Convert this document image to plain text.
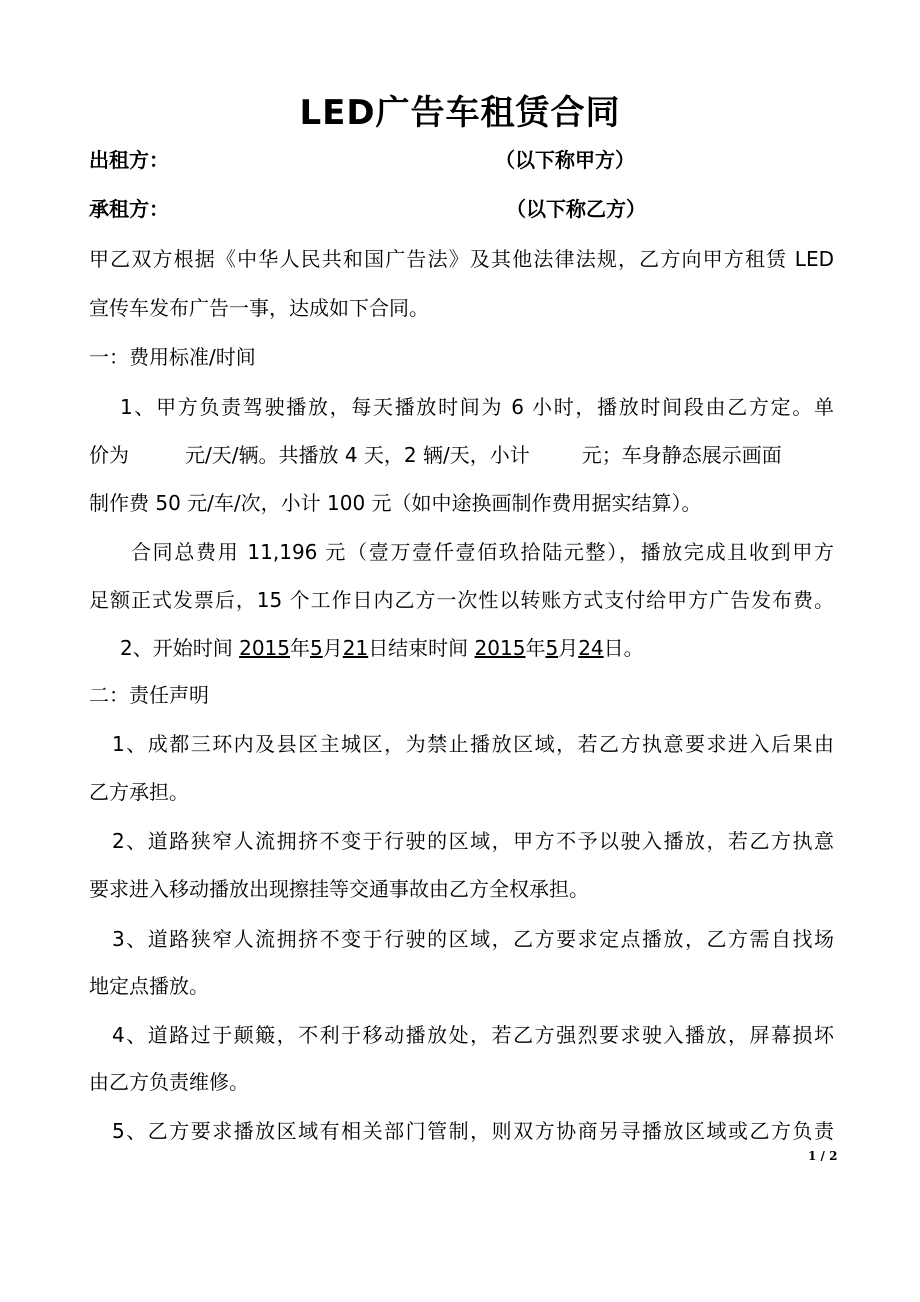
LED广告车租赁合同
出租方：	（以下称甲方）
承租方：	（以下称乙方）
甲乙双方根据《中华人民共和国广告法》及其他法律法规，乙方向甲方租赁 LED
宣传车发布广告一事，达成如下合同。
一：费用标准/时间
1、甲方负责驾驶播放，每天播放时间为 6 小时，播放时间段由乙方定。单
价为	元/天/辆。共播放 4 天，2 辆/天，小计	元；车身静态展示画面
制作费 50 元/车/次，小计 100 元（如中途换画制作费用据实结算）。
合同总费用 11,196 元（壹万壹仟壹佰玖拾陆元整），播放完成且收到甲方
足额正式发票后，15 个工作日内乙方一次性以转账方式支付给甲方广告发布费。
2、开始时间 2015年5月21日结束时间 2015年5月24日。
二：责任声明
1、成都三环内及县区主城区，为禁止播放区域，若乙方执意要求进入后果由
乙方承担。
2、道路狭窄人流拥挤不变于行驶的区域，甲方不予以驶入播放，若乙方执意
要求进入移动播放出现擦挂等交通事故由乙方全权承担。
3、道路狭窄人流拥挤不变于行驶的区域，乙方要求定点播放，乙方需自找场
地定点播放。
4、道路过于颠簸，不利于移动播放处，若乙方强烈要求驶入播放，屏幕损坏
由乙方负责维修。
5、乙方要求播放区域有相关部门管制，则双方协商另寻播放区域或乙方负责
1 / 2
